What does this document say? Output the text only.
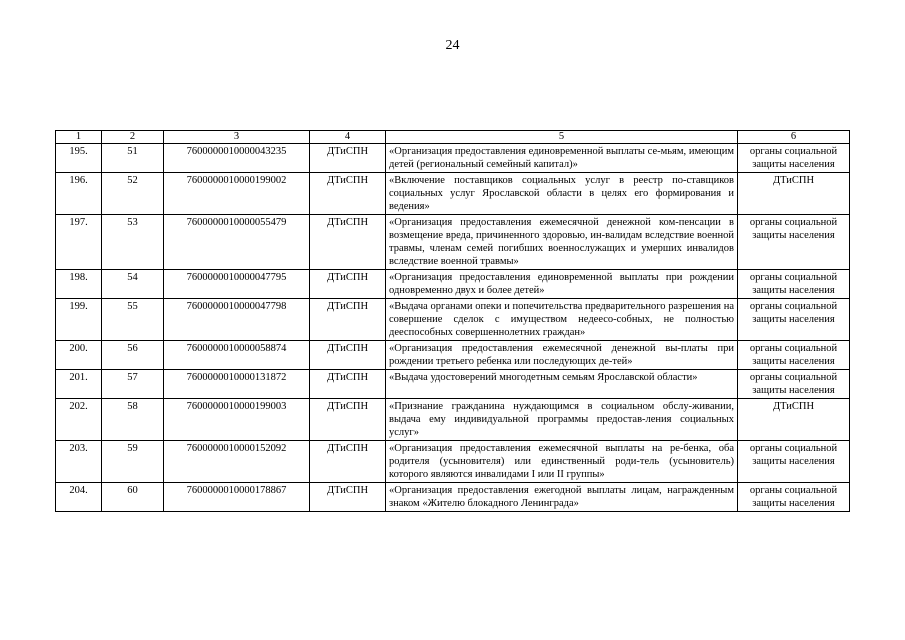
24
1	2	3	4	5	6
195.	51	7600000010000043235	ДТиСПН	«Организация предоставления единовременной выплаты се-мьям, имеющим детей (региональный семейный капитал)»	органы социальной защиты населения
196.	52	7600000010000199002	ДТиСПН	«Включение поставщиков социальных услуг в реестр по-ставщиков социальных услуг Ярославской области в целях его формирования и ведения»	ДТиСПН
197.	53	7600000010000055479	ДТиСПН	«Организация предоставления ежемесячной денежной ком-пенсации в возмещение вреда, причиненного здоровью, ин-валидам вследствие военной травмы, членам семей погибших военнослужащих и умерших инвалидов вследствие военной травмы»	органы социальной защиты населения
198.	54	7600000010000047795	ДТиСПН	«Организация предоставления единовременной выплаты при рождении одновременно двух и более детей»	органы социальной защиты населения
199.	55	7600000010000047798	ДТиСПН	«Выдача органами опеки и попечительства предварительного разрешения на совершение сделок с имуществом недеесо-собных, не полностью дееспособных совершеннолетних граждан»	органы социальной защиты населения
200.	56	7600000010000058874	ДТиСПН	«Организация предоставления ежемесячной денежной вы-платы при рождении третьего ребенка или последующих де-тей»	органы социальной защиты населения
201.	57	7600000010000131872	ДТиСПН	«Выдача удостоверений многодетным семьям Ярославской области»	органы социальной защиты населения
202.	58	7600000010000199003	ДТиСПН	«Признание гражданина нуждающимся в социальном обслу-живании, выдача ему индивидуальной программы предостав-ления социальных услуг»	ДТиСПН
203.	59	7600000010000152092	ДТиСПН	«Организация предоставления ежемесячной выплаты на ре-бенка, оба родителя (усыновителя) или единственный роди-тель (усыновитель) которого являются инвалидами I или II группы»	органы социальной защиты населения
204.	60	7600000010000178867	ДТиСПН	«Организация предоставления ежегодной выплаты лицам, награжденным знаком «Жителю блокадного Ленинграда»	органы социальной защиты населения
